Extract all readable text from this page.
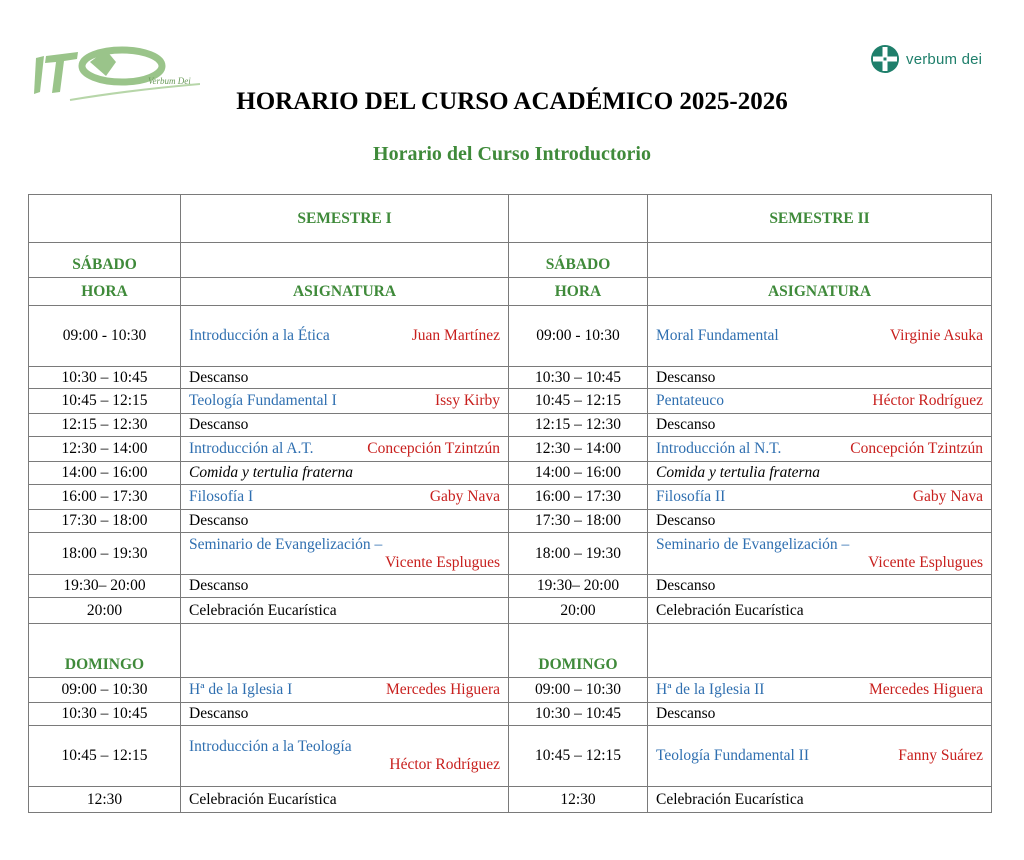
Verbum Dei
verbum dei
HORARIO DEL CURSO ACADÉMICO 2025-2026
Horario del Curso Introductorio
	SEMESTRE I		SEMESTRE II
SÁBADO		SÁBADO	
HORA	ASIGNATURA	HORA	ASIGNATURA
09:00 - 10:30	Introducción a la Ética Juan Martínez	09:00 - 10:30	Moral Fundamental Virginie Asuka

10:30 – 10:45	Descanso	10:30 – 10:45	Descanso

10:45 – 12:15	Teología Fundamental I Issy Kirby	10:45 – 12:15	Pentateuco Héctor Rodríguez

12:15 – 12:30	Descanso	12:15 – 12:30	Descanso

12:30 – 14:00	Introducción al A.T. Concepción Tzintzún	12:30 – 14:00	Introducción al N.T. Concepción Tzintzún

14:00 – 16:00	Comida y tertulia fraterna	14:00 – 16:00	Comida y tertulia fraterna

16:00 – 17:30	Filosofía I Gaby Nava	16:00 – 17:30	Filosofía II Gaby Nava

17:30 – 18:00	Descanso	17:30 – 18:00	Descanso

18:00 – 19:30	Seminario de Evangelización –
Vicente Esplugues	18:00 – 19:30	Seminario de Evangelización –
Vicente Esplugues

19:30– 20:00	Descanso	19:30– 20:00	Descanso

20:00	Celebración Eucarística	20:00	Celebración Eucarística

DOMINGO		DOMINGO	
09:00 – 10:30	Hª de la Iglesia I Mercedes Higuera	09:00 – 10:30	Hª de la Iglesia II Mercedes Higuera

10:30 – 10:45	Descanso	10:30 – 10:45	Descanso

10:45 – 12:15	Introducción a la Teología
Héctor Rodríguez	10:45 – 12:15	Teología Fundamental II Fanny Suárez

12:30	Celebración Eucarística	12:30	Celebración Eucarística
